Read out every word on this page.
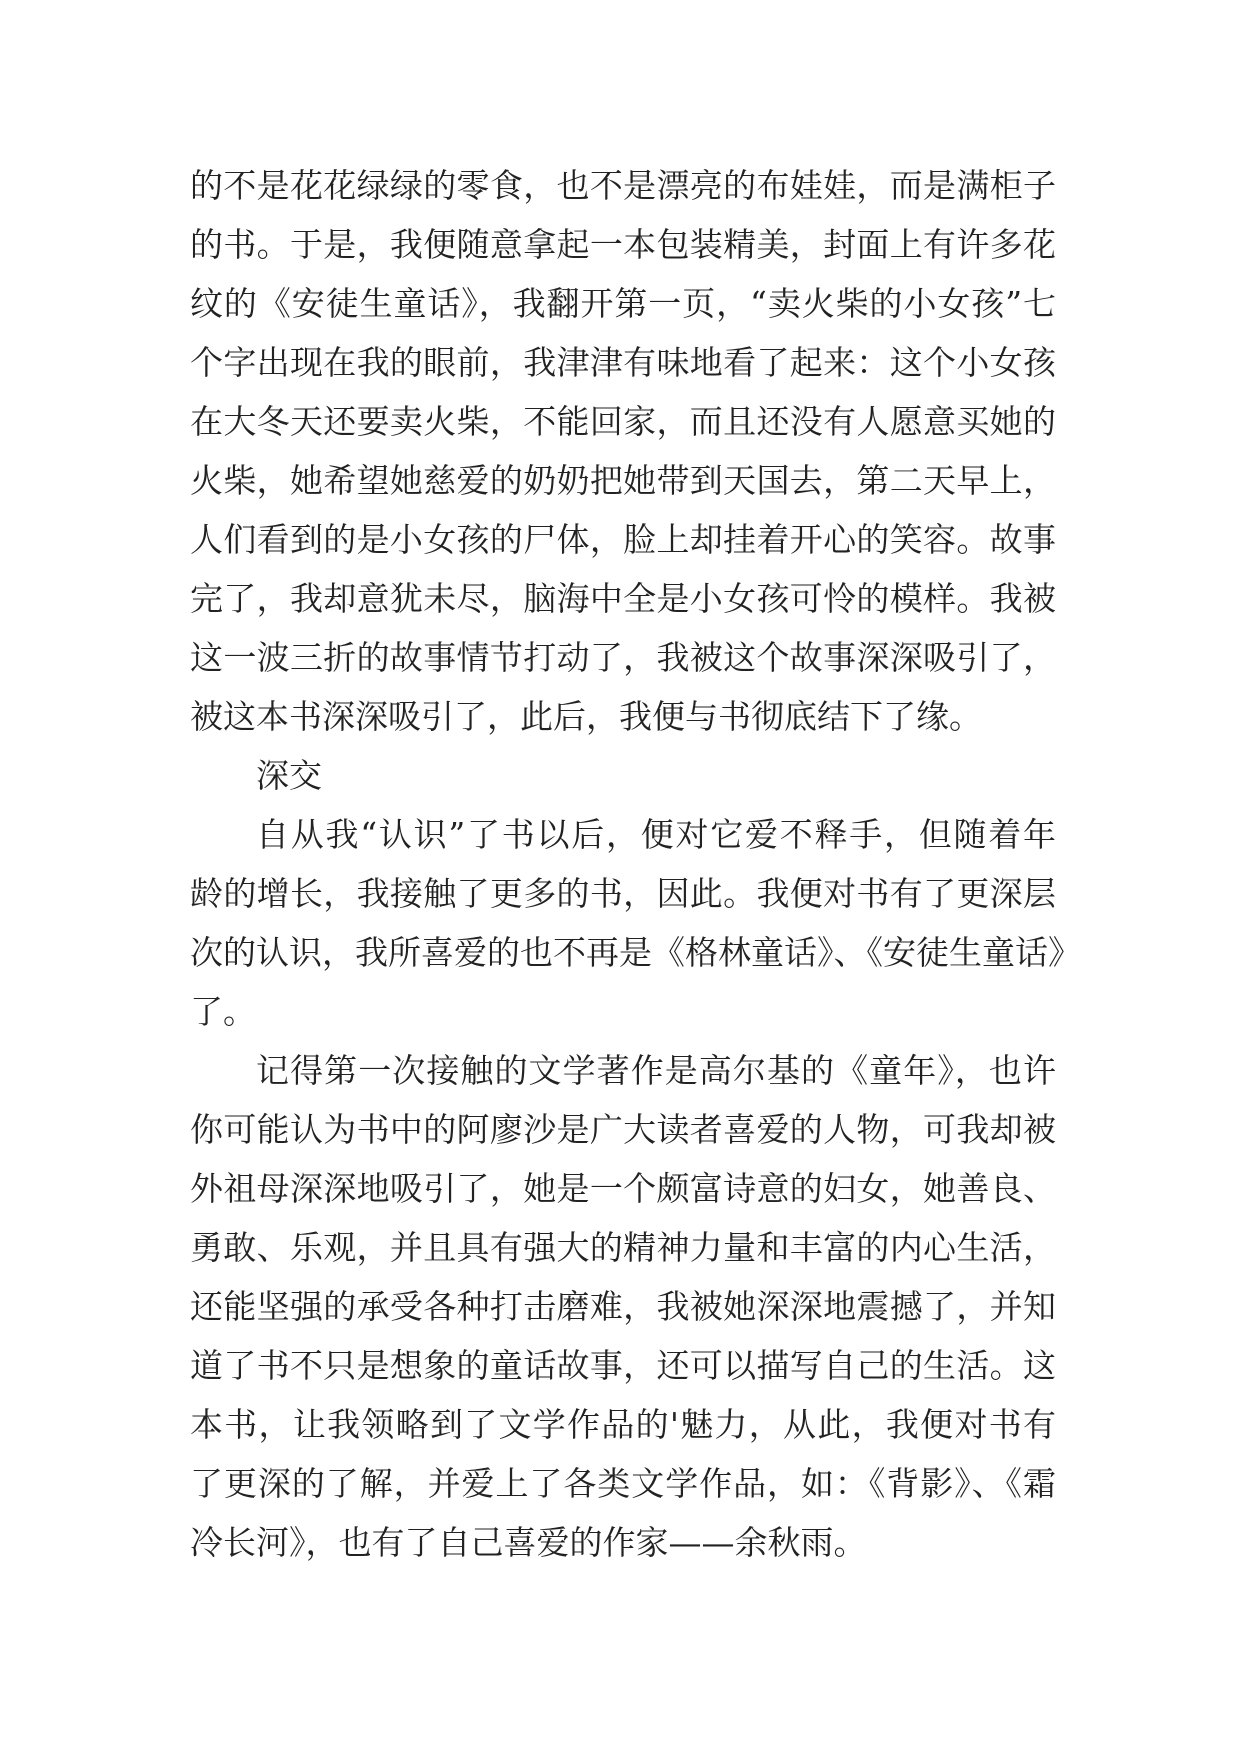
的不是花花绿绿的零食，也不是漂亮的布娃娃，而是满柜子
的书。于是，我便随意拿起一本包装精美，封面上有许多花
纹的《安徒生童话》，我翻开第一页，“卖火柴的小女孩”七
个字出现在我的眼前，我津津有味地看了起来：这个小女孩
在大冬天还要卖火柴，不能回家，而且还没有人愿意买她的
火柴，她希望她慈爱的奶奶把她带到天国去，第二天早上，
人们看到的是小女孩的尸体，脸上却挂着开心的笑容。故事
完了，我却意犹未尽，脑海中全是小女孩可怜的模样。我被
这一波三折的故事情节打动了，我被这个故事深深吸引了，
被这本书深深吸引了，此后，我便与书彻底结下了缘。
深交
自从我“认识”了书以后，便对它爱不释手，但随着年
龄的增长，我接触了更多的书，因此。我便对书有了更深层
次的认识，我所喜爱的也不再是《格林童话》、《安徒生童话》
了。
记得第一次接触的文学著作是高尔基的《童年》，也许
你可能认为书中的阿廖沙是广大读者喜爱的人物，可我却被
外祖母深深地吸引了，她是一个颇富诗意的妇女，她善良、
勇敢、乐观，并且具有强大的精神力量和丰富的内心生活，
还能坚强的承受各种打击磨难，我被她深深地震撼了，并知
道了书不只是想象的童话故事，还可以描写自己的生活。这
本书，让我领略到了文学作品的'魅力，从此，我便对书有
了更深的了解，并爱上了各类文学作品，如：《背影》、《霜
冷长河》，也有了自己喜爱的作家——余秋雨。
